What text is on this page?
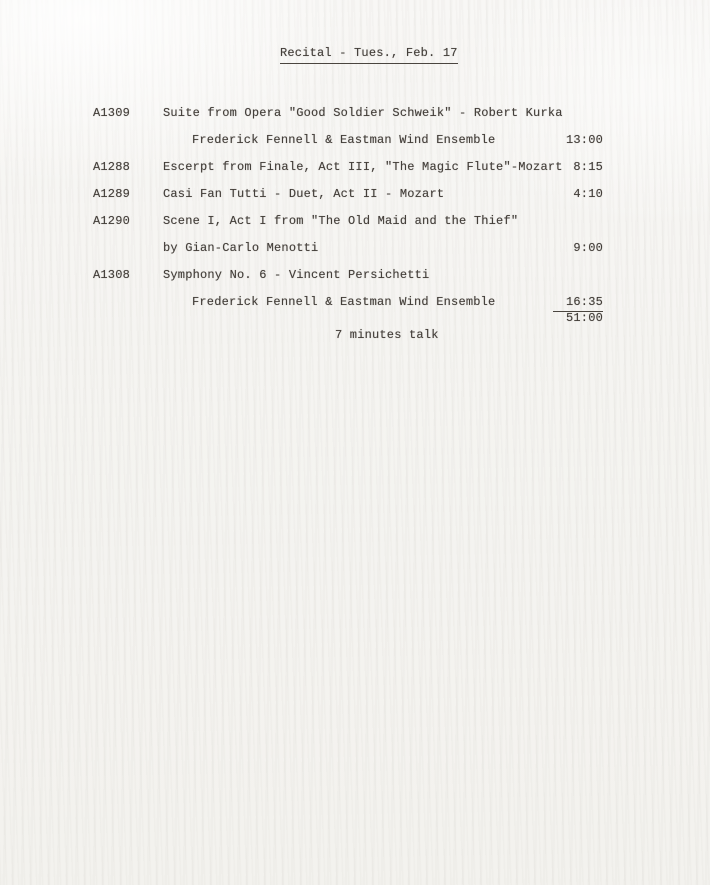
Recital - Tues., Feb. 17
A1309	Suite from Opera "Good Soldier Schweik" - Robert Kurka
Frederick Fennell & Eastman Wind Ensemble	13:00
A1288	Escerpt from Finale, Act III, "The Magic Flute"-Mozart 8:15
A1289	Casi Fan Tutti - Duet, Act II - Mozart	4:10
A1290	Scene I, Act I from "The Old Maid and the Thief"
by Gian-Carlo Menotti	9:00
A1308	Symphony No. 6 - Vincent Persichetti
Frederick Fennell & Eastman Wind Ensemble	16:35
51:00
7 minutes talk
